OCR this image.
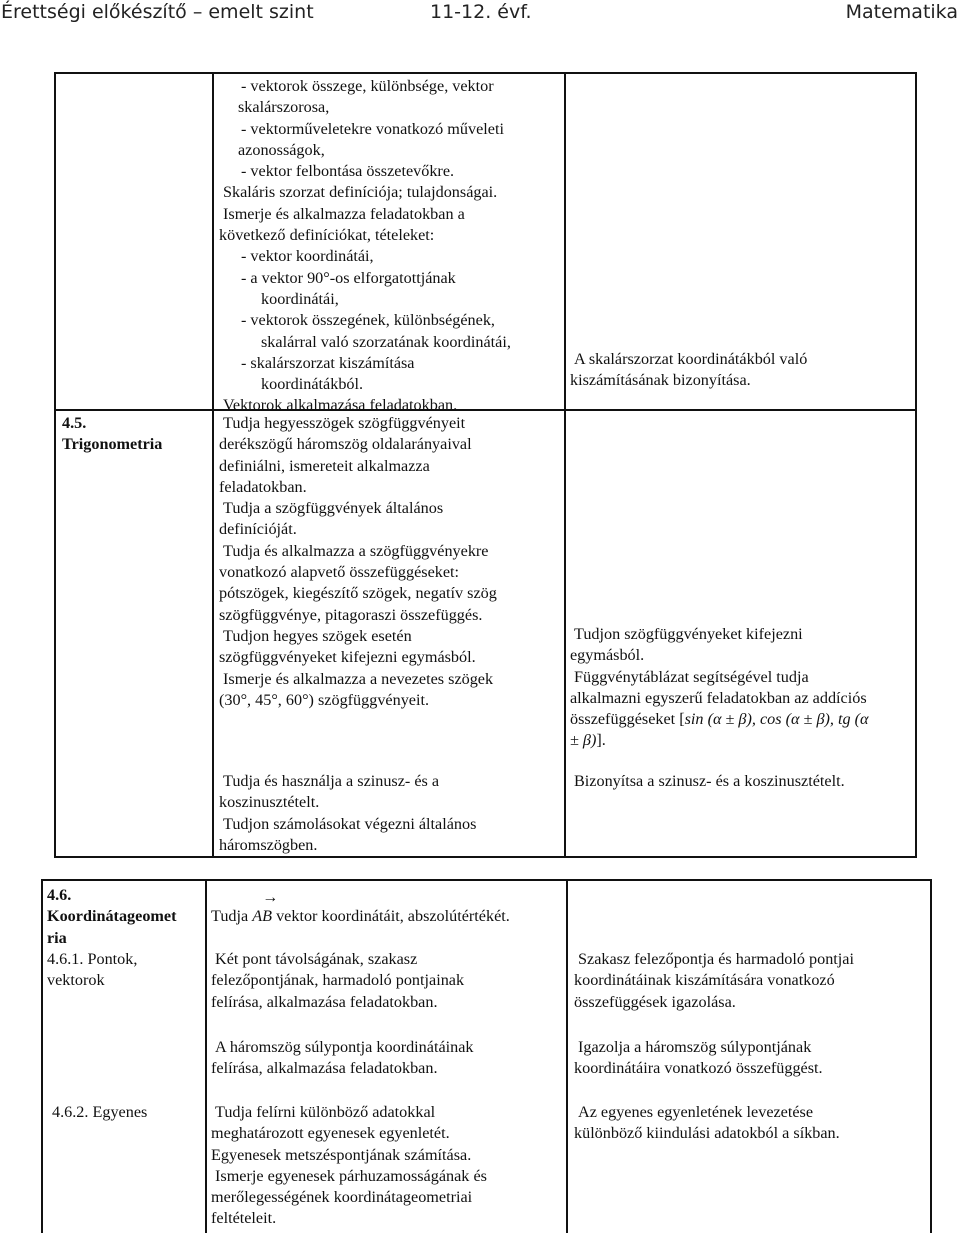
Érettségi előkészítő – emelt szint	11-12. évf.	Matematika
- vektorok összege, különbsége, vektor
skalárszorosa,
- vektorműveletekre vonatkozó műveleti
azonosságok,
- vektor felbontása összetevőkre.
Skaláris szorzat definíciója; tulajdonságai.
Ismerje és alkalmazza feladatokban a
következő definíciókat, tételeket:
- vektor koordinátái,
- a vektor 90°-os elforgatottjának
koordinátái,
- vektorok összegének, különbségének,
skalárral való szorzatának koordinátái,
- skalárszorzat kiszámítása
koordinátákból.
Vektorok alkalmazása feladatokban.
A skalárszorzat koordinátákból való
kiszámításának bizonyítása.
4.5.
Trigonometria
Tudja hegyesszögek szögfüggvényeit
derékszögű háromszög oldalarányaival
definiálni, ismereteit alkalmazza
feladatokban.
Tudja a szögfüggvények általános
definícióját.
Tudja és alkalmazza a szögfüggvényekre
vonatkozó alapvető összefüggéseket:
pótszögek, kiegészítő szögek, negatív szög
szögfüggvénye, pitagoraszi összefüggés.
Tudjon hegyes szögek esetén
szögfüggvényeket kifejezni egymásból.
Ismerje és alkalmazza a nevezetes szögek
(30°, 45°, 60°) szögfüggvényeit.
Tudjon szögfüggvényeket kifejezni
egymásból.
Függvénytáblázat segítségével tudja
alkalmazni egyszerű feladatokban az addíciós
összefüggéseket [sin (α ± β), cos (α ± β), tg (α
± β)].
Tudja és használja a szinusz- és a
koszinusztételt.
Tudjon számolásokat végezni általános
háromszögben.
Bizonyítsa a szinusz- és a koszinusztételt.
4.6.
Koordinátageomet
ria
4.6.1. Pontok,
vektorok
4.6.2. Egyenes
Tudja
→
AB vektor koordinátáit, abszolútértékét.
Két pont távolságának, szakasz
felezőpontjának, harmadoló pontjainak
felírása, alkalmazása feladatokban.
Szakasz felezőpontja és harmadoló pontjai
koordinátáinak kiszámítására vonatkozó
összefüggések igazolása.
A háromszög súlypontja koordinátáinak
felírása, alkalmazása feladatokban.
Igazolja a háromszög súlypontjának
koordinátáira vonatkozó összefüggést.
Tudja felírni különböző adatokkal
meghatározott egyenesek egyenletét.
Egyenesek metszéspontjának számítása.
Ismerje egyenesek párhuzamosságának és
merőlegességének koordinátageometriai
feltételeit.
Az egyenes egyenletének levezetése
különböző kiindulási adatokból a síkban.
